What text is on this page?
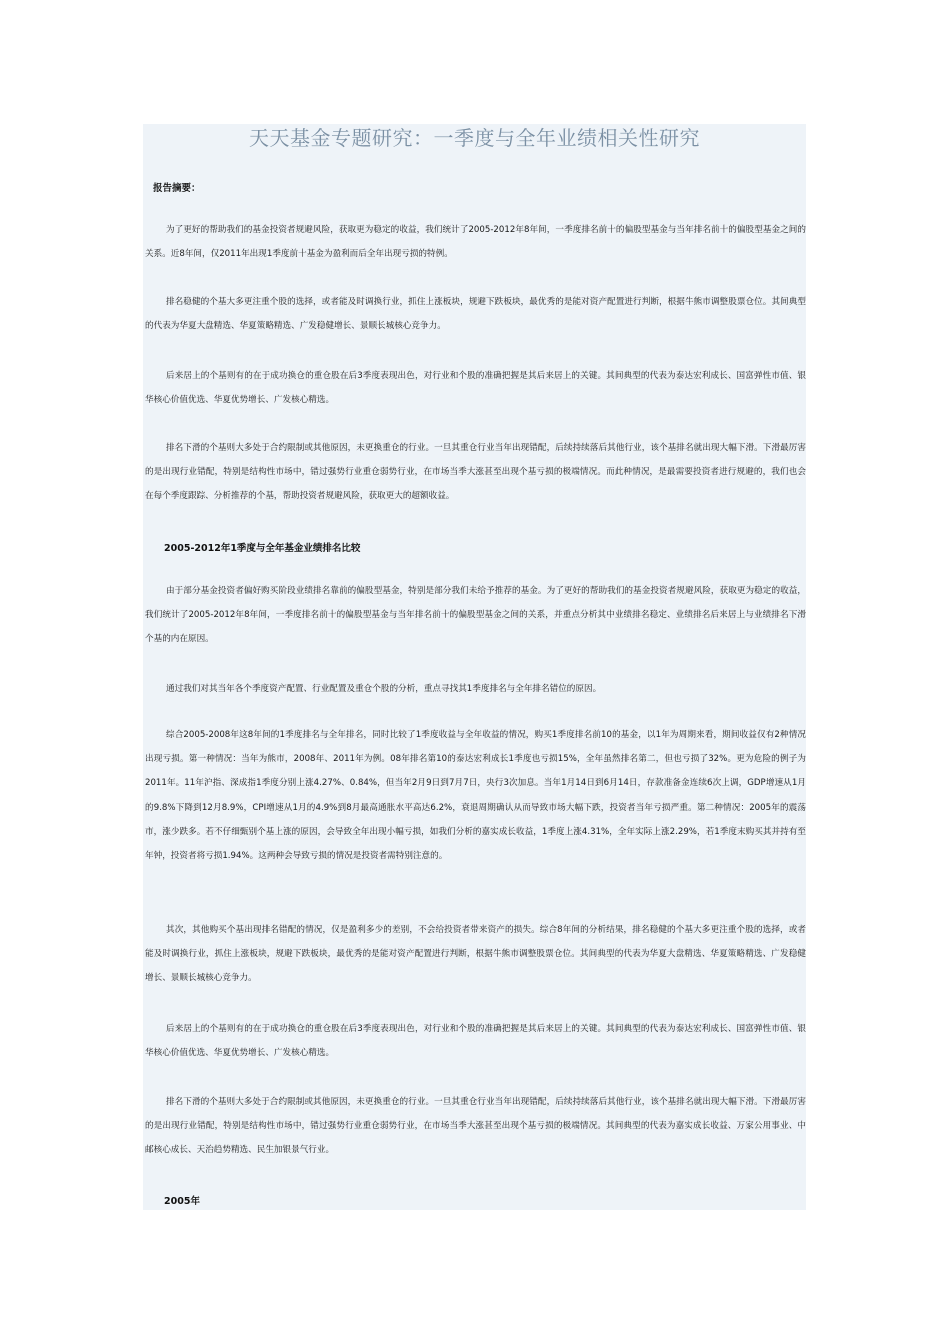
天天基金专题研究：一季度与全年业绩相关性研究
报告摘要：

为了更好的帮助我们的基金投资者规避风险，获取更为稳定的收益，我们统计了2005-2012年8年间，一季度排名前十的偏股型基金与当年排名前十的偏股型基金之间的关系。近8年间，仅2011年出现1季度前十基金为盈利而后全年出现亏损的特例。

排名稳健的个基大多更注重个股的选择，或者能及时调换行业，抓住上涨板块，规避下跌板块，最优秀的是能对资产配置进行判断，根据牛熊市调整股票仓位。其间典型的代表为华夏大盘精选、华夏策略精选、广发稳健增长、景顺长城核心竞争力。

后来居上的个基则有的在于成功换仓的重仓股在后3季度表现出色，对行业和个股的准确把握是其后来居上的关键。其间典型的代表为泰达宏利成长、国富弹性市值、银华核心价值优选、华夏优势增长、广发核心精选。

排名下滑的个基则大多处于合约限制或其他原因，未更换重仓的行业。一旦其重仓行业当年出现错配，后续持续落后其他行业，该个基排名就出现大幅下滑。下滑最厉害的是出现行业错配，特别是结构性市场中，错过强势行业重仓弱势行业，在市场当季大涨甚至出现个基亏损的极端情况。而此种情况，是最需要投资者进行规避的，我们也会在每个季度跟踪、分析推荐的个基，帮助投资者规避风险，获取更大的超额收益。

2005-2012年1季度与全年基金业绩排名比较

由于部分基金投资者偏好购买阶段业绩排名靠前的偏股型基金，特别是部分我们未给予推荐的基金。为了更好的帮助我们的基金投资者规避风险，获取更为稳定的收益，我们统计了2005-2012年8年间，一季度排名前十的偏股型基金与当年排名前十的偏股型基金之间的关系，并重点分析其中业绩排名稳定、业绩排名后来居上与业绩排名下滑个基的内在原因。

通过我们对其当年各个季度资产配置、行业配置及重仓个股的分析，重点寻找其1季度排名与全年排名错位的原因。

综合2005-2008年这8年间的1季度排名与全年排名，同时比较了1季度收益与全年收益的情况，购买1季度排名前10的基金，以1年为周期来看，期间收益仅有2种情况出现亏损。第一种情况：当年为熊市，2008年、2011年为例。08年排名第10的泰达宏利成长1季度也亏损15%，全年虽然排名第二，但也亏损了32%。更为危险的例子为2011年。11年沪指、深成指1季度分别上涨4.27%、0.84%，但当年2月9日到7月7日，央行3次加息。当年1月14日到6月14日，存款准备金连续6次上调，GDP增速从1月的9.8%下降到12月8.9%，CPI增速从1月的4.9%到8月最高通胀水平高达6.2%，衰退周期确认从而导致市场大幅下跌，投资者当年亏损严重。第二种情况：2005年的震荡市，涨少跌多。若不仔细甄别个基上涨的原因，会导致全年出现小幅亏损，如我们分析的嘉实成长收益，1季度上涨4.31%，全年实际上涨2.29%，若1季度末购买其并持有至年钟，投资者将亏损1.94%。这两种会导致亏损的情况是投资者需特别注意的。

其次，其他购买个基出现排名错配的情况，仅是盈利多少的差别，不会给投资者带来资产的损失。综合8年间的分析结果，排名稳健的个基大多更注重个股的选择，或者能及时调换行业，抓住上涨板块，规避下跌板块，最优秀的是能对资产配置进行判断，根据牛熊市调整股票仓位。其间典型的代表为华夏大盘精选、华夏策略精选、广发稳健增长、景顺长城核心竞争力。

后来居上的个基则有的在于成功换仓的重仓股在后3季度表现出色，对行业和个股的准确把握是其后来居上的关键。其间典型的代表为泰达宏利成长、国富弹性市值、银华核心价值优选、华夏优势增长、广发核心精选。

排名下滑的个基则大多处于合约限制或其他原因，未更换重仓的行业。一旦其重仓行业当年出现错配，后续持续落后其他行业，该个基排名就出现大幅下滑。下滑最厉害的是出现行业错配，特别是结构性市场中，错过强势行业重仓弱势行业，在市场当季大涨甚至出现个基亏损的极端情况。其间典型的代表为嘉实成长收益、万家公用事业、中邮核心成长、天治趋势精选、民生加银景气行业。

2005年
